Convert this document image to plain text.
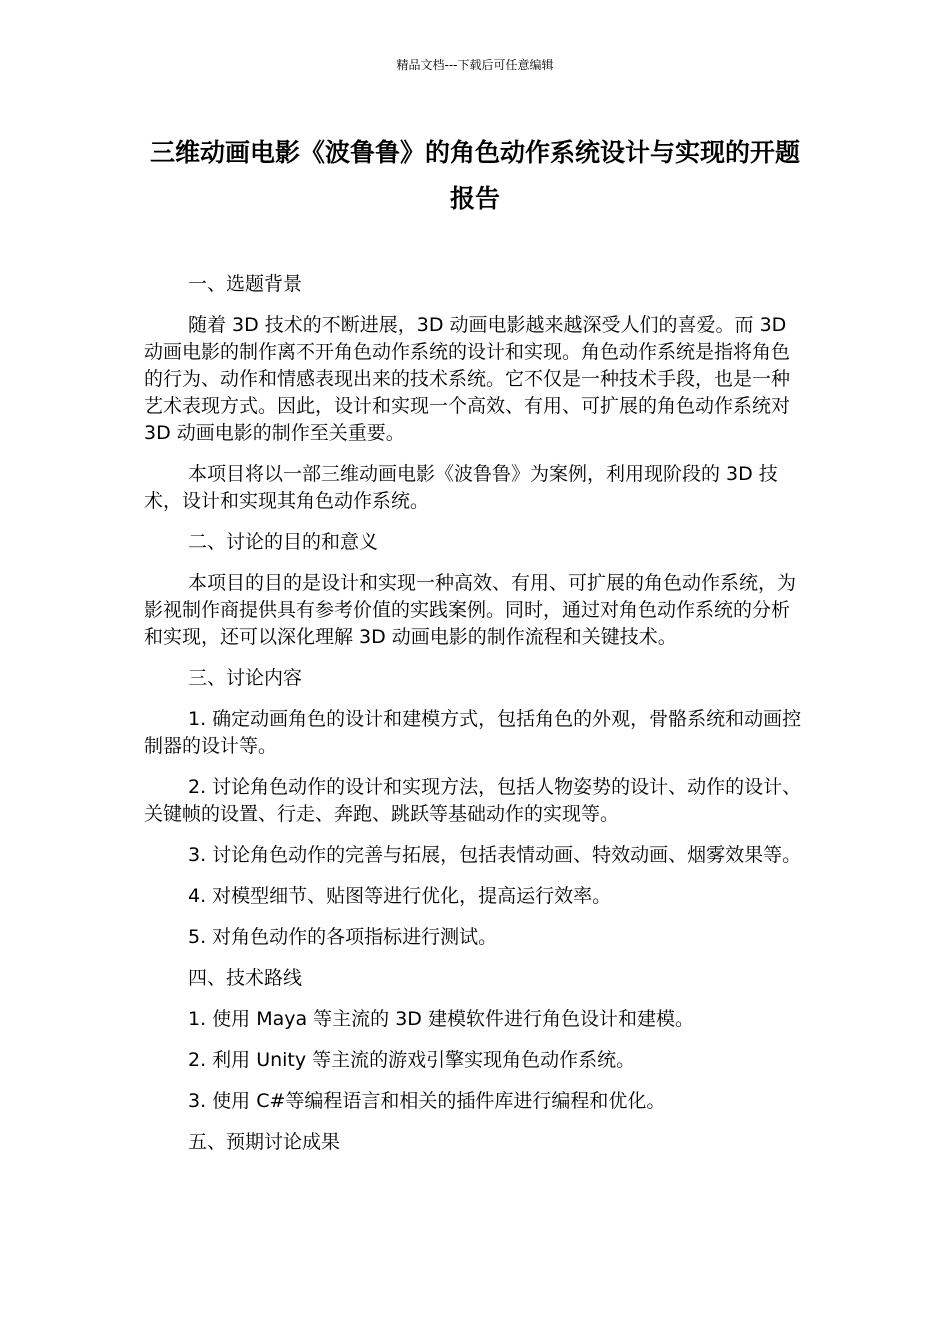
精品文档---下载后可任意编辑
三维动画电影《波鲁鲁》的角色动作系统设计与实现的开题报告

一、选题背景

随着 3D 技术的不断进展，3D 动画电影越来越深受人们的喜爱。而 3D 动画电影的制作离不开角色动作系统的设计和实现。角色动作系统是指将角色的行为、动作和情感表现出来的技术系统。它不仅是一种技术手段，也是一种艺术表现方式。因此，设计和实现一个高效、有用、可扩展的角色动作系统对 3D 动画电影的制作至关重要。

本项目将以一部三维动画电影《波鲁鲁》为案例，利用现阶段的 3D 技术，设计和实现其角色动作系统。

二、讨论的目的和意义

本项目的目的是设计和实现一种高效、有用、可扩展的角色动作系统，为影视制作商提供具有参考价值的实践案例。同时，通过对角色动作系统的分析和实现，还可以深化理解 3D 动画电影的制作流程和关键技术。

三、讨论内容

1. 确定动画角色的设计和建模方式，包括角色的外观，骨骼系统和动画控制器的设计等。

2. 讨论角色动作的设计和实现方法，包括人物姿势的设计、动作的设计、关键帧的设置、行走、奔跑、跳跃等基础动作的实现等。

3. 讨论角色动作的完善与拓展，包括表情动画、特效动画、烟雾效果等。

4. 对模型细节、贴图等进行优化，提高运行效率。

5. 对角色动作的各项指标进行测试。

四、技术路线

1. 使用 Maya 等主流的 3D 建模软件进行角色设计和建模。

2. 利用 Unity 等主流的游戏引擎实现角色动作系统。

3. 使用 C#等编程语言和相关的插件库进行编程和优化。

五、预期讨论成果
